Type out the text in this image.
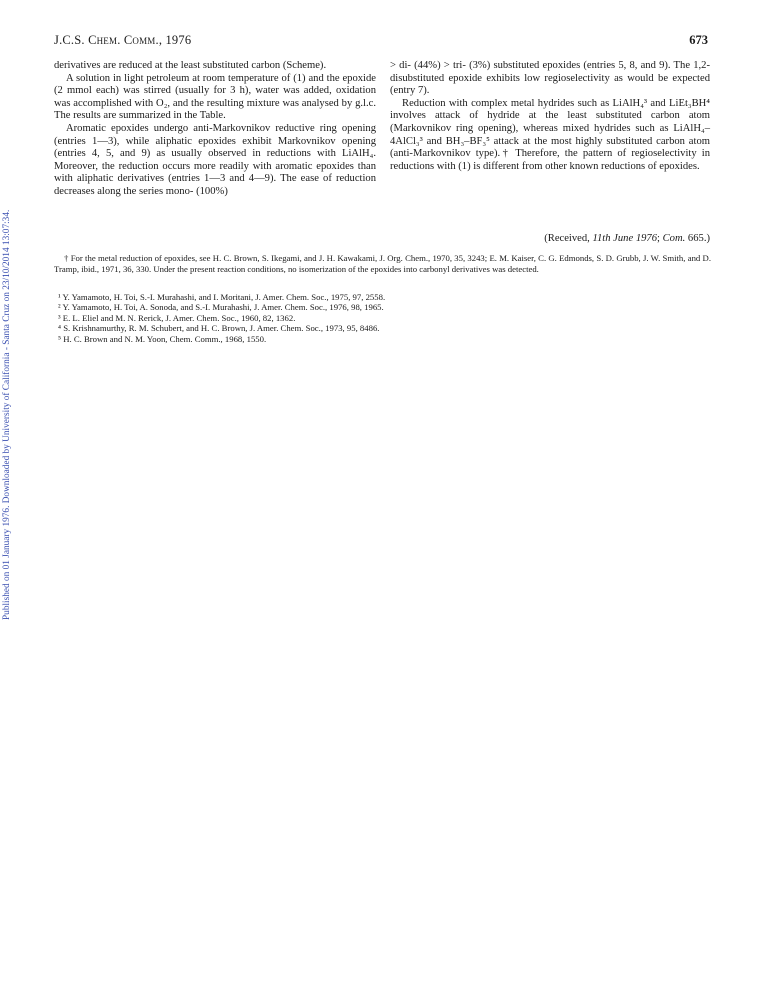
J.C.S. Chem. Comm., 1976	673

derivatives are reduced at the least substituted carbon (Scheme).

A solution in light petroleum at room temperature of (1) and the epoxide (2 mmol each) was stirred (usually for 3 h), water was added, oxidation was accomplished with O₂, and the resulting mixture was analysed by g.l.c. The results are summarized in the Table.

Aromatic epoxides undergo anti-Markovnikov reductive ring opening (entries 1—3), while aliphatic epoxides exhibit Markovnikov opening (entries 4, 5, and 9) as usually observed in reductions with LiAlH₄. Moreover, the reduction occurs more readily with aromatic epoxides than with aliphatic derivatives (entries 1—3 and 4—9). The ease of reduction decreases along the series mono- (100%)

> di- (44%) > tri- (3%) substituted epoxides (entries 5, 8, and 9). The 1,2-disubstituted epoxide exhibits low regioselectivity as would be expected (entry 7).

Reduction with complex metal hydrides such as LiAlH₄³ and LiEt₃BH⁴ involves attack of hydride at the least substituted carbon atom (Markovnikov ring opening), whereas mixed hydrides such as LiAlH₄–4AlCl₃³ and BH₃–BF₃⁵ attack at the most highly substituted carbon atom (anti-Markovnikov type).† Therefore, the pattern of regioselectivity in reductions with (1) is different from other known reductions of epoxides.

(Received, 11th June 1976; Com. 665.)

† For the metal reduction of epoxides, see H. C. Brown, S. Ikegami, and J. H. Kawakami, J. Org. Chem., 1970, 35, 3243; E. M. Kaiser, C. G. Edmonds, S. D. Grubb, J. W. Smith, and D. Tramp, ibid., 1971, 36, 330. Under the present reaction conditions, no isomerization of the epoxides into carbonyl derivatives was detected.

¹ Y. Yamamoto, H. Toi, S.-I. Murahashi, and I. Moritani, J. Amer. Chem. Soc., 1975, 97, 2558.
² Y. Yamamoto, H. Toi, A. Sonoda, and S.-I. Murahashi, J. Amer. Chem. Soc., 1976, 98, 1965.
³ E. L. Eliel and M. N. Rerick, J. Amer. Chem. Soc., 1960, 82, 1362.
⁴ S. Krishnamurthy, R. M. Schubert, and H. C. Brown, J. Amer. Chem. Soc., 1973, 95, 8486.
⁵ H. C. Brown and N. M. Yoon, Chem. Comm., 1968, 1550.
Published on 01 January 1976. Downloaded by University of California - Santa Cruz on 23/10/2014 13:07:34.
